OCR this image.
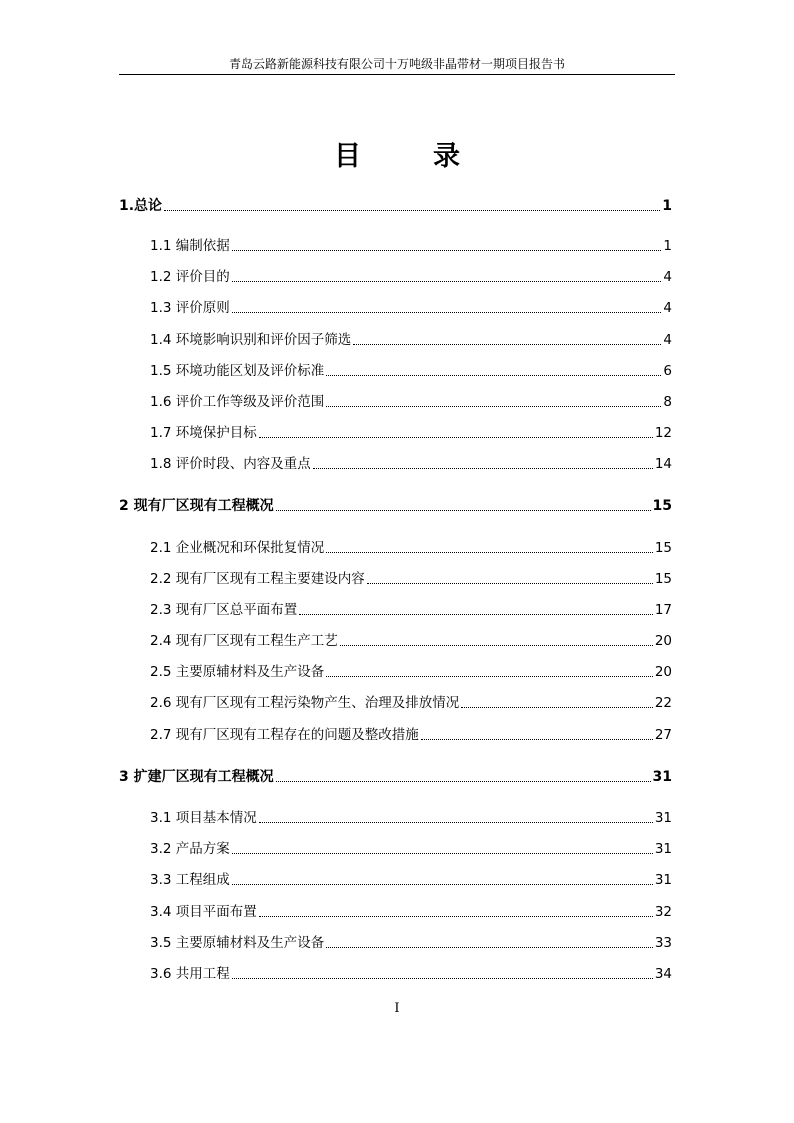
青岛云路新能源科技有限公司十万吨级非晶带材一期项目报告书
目	录
1.总论	1
1.1 编制依据	1
1.2 评价目的	4
1.3 评价原则	4
1.4 环境影响识别和评价因子筛选	4
1.5 环境功能区划及评价标准	6
1.6 评价工作等级及评价范围	8
1.7 环境保护目标	12
1.8 评价时段、内容及重点	14
2 现有厂区现有工程概况	15
2.1 企业概况和环保批复情况	15
2.2 现有厂区现有工程主要建设内容	15
2.3 现有厂区总平面布置	17
2.4 现有厂区现有工程生产工艺	20
2.5 主要原辅材料及生产设备	20
2.6 现有厂区现有工程污染物产生、治理及排放情况	22
2.7 现有厂区现有工程存在的问题及整改措施	27
3 扩建厂区现有工程概况	31
3.1 项目基本情况	31
3.2 产品方案	31
3.3 工程组成	31
3.4 项目平面布置	32
3.5 主要原辅材料及生产设备	33
3.6 共用工程	34
I
